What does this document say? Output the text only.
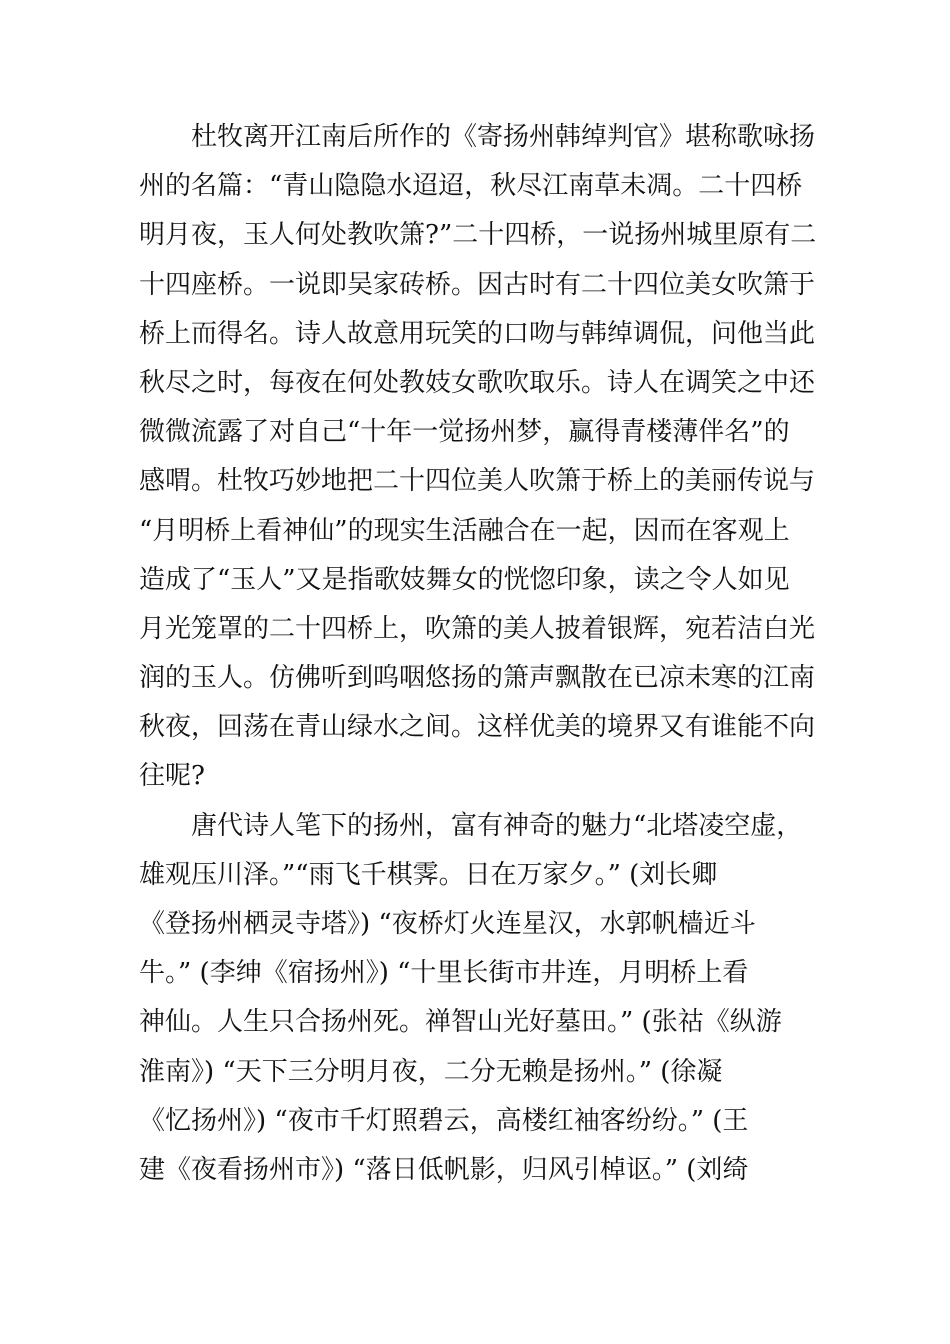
杜牧离开江南后所作的《寄扬州韩绰判官》堪称歌咏扬
州的名篇：“青山隐隐水迢迢，秋尽江南草未凋。二十四桥
明月夜，玉人何处教吹箫?”二十四桥，一说扬州城里原有二
十四座桥。一说即吴家砖桥。因古时有二十四位美女吹箫于
桥上而得名。诗人故意用玩笑的口吻与韩绰调侃，问他当此
秋尽之时，每夜在何处教妓女歌吹取乐。诗人在调笑之中还
微微流露了对自己“十年一觉扬州梦，赢得青楼薄伴名”的
感喟。杜牧巧妙地把二十四位美人吹箫于桥上的美丽传说与
“月明桥上看神仙”的现实生活融合在一起，因而在客观上
造成了“玉人”又是指歌妓舞女的恍惚印象，读之令人如见
月光笼罩的二十四桥上，吹箫的美人披着银辉，宛若洁白光
润的玉人。仿佛听到呜咽悠扬的箫声飘散在已凉未寒的江南
秋夜，回荡在青山绿水之间。这样优美的境界又有谁能不向
往呢?
唐代诗人笔下的扬州，富有神奇的魅力“北塔凌空虚，
雄观压川泽。”“雨飞千棋霁。日在万家夕。” (刘长卿
《登扬州栖灵寺塔》) “夜桥灯火连星汉，水郭帆樯近斗
牛。” (李绅《宿扬州》) “十里长街市井连，月明桥上看
神仙。人生只合扬州死。禅智山光好墓田。” (张祜《纵游
淮南》) “天下三分明月夜，二分无赖是扬州。” (徐凝
《忆扬州》) “夜市千灯照碧云，高楼红袖客纷纷。” (王
建《夜看扬州市》) “落日低帆影，归风引棹讴。” (刘绮
